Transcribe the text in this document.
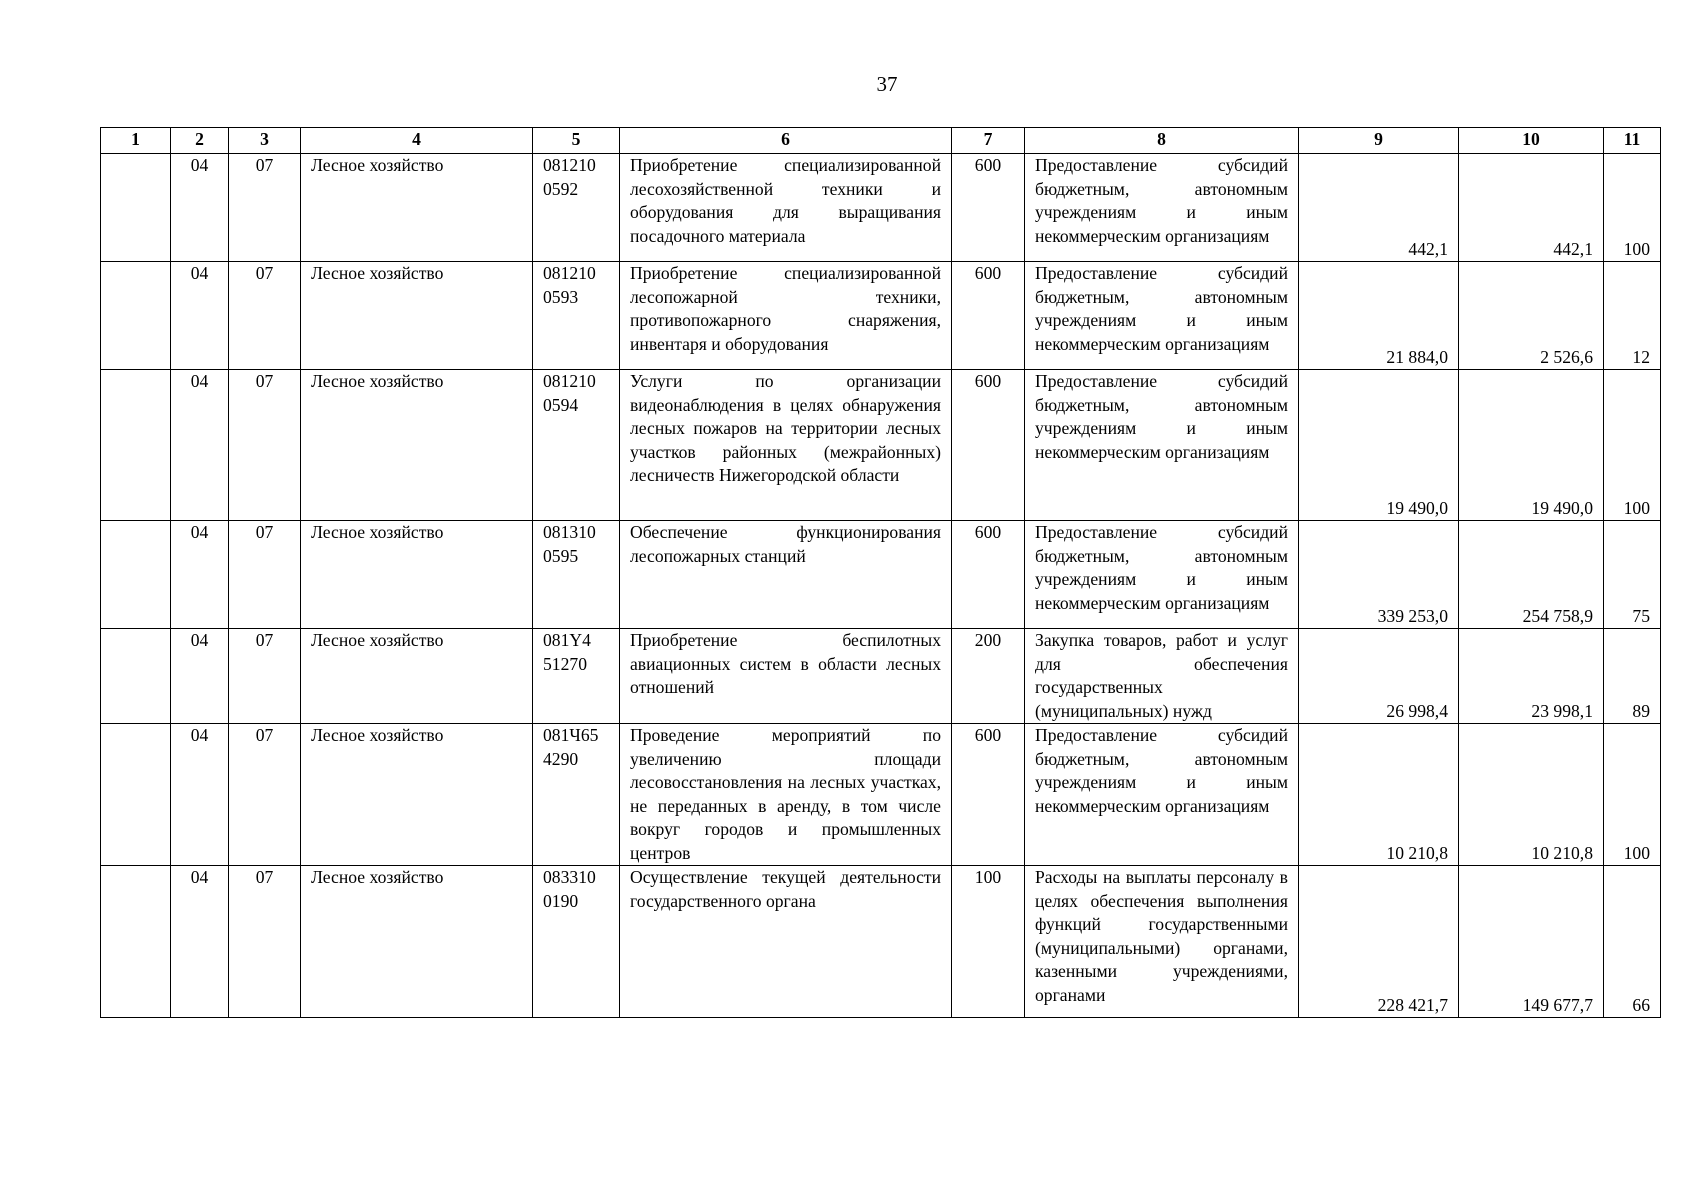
37
1	2	3	4	5	6	7	8	9	10	11
	04	07	Лесное хозяйство	081210 0592	Приобретение специализированной лесохозяйственной техники и оборудования для выращивания посадочного материала	600	Предоставление субсидий бюджетным, автономным учреждениям и иным некоммерческим организациям	442,1	442,1	100
	04	07	Лесное хозяйство	081210 0593	Приобретение специализированной лесопожарной техники, противопожарного снаряжения, инвентаря и оборудования	600	Предоставление субсидий бюджетным, автономным учреждениям и иным некоммерческим организациям	21 884,0	2 526,6	12
	04	07	Лесное хозяйство	081210 0594	Услуги по организации видеонаблюдения в целях обнаружения лесных пожаров на территории лесных участков районных (межрайонных) лесничеств Нижегородской области	600	Предоставление субсидий бюджетным, автономным учреждениям и иным некоммерческим организациям	19 490,0	19 490,0	100
	04	07	Лесное хозяйство	081310 0595	Обеспечение функционирования лесопожарных станций	600	Предоставление субсидий бюджетным, автономным учреждениям и иным некоммерческим организациям	339 253,0	254 758,9	75
	04	07	Лесное хозяйство	081Y4 51270	Приобретение беспилотных авиационных систем в области лесных отношений	200	Закупка товаров, работ и услуг для обеспечения государственных (муниципальных) нужд	26 998,4	23 998,1	89
	04	07	Лесное хозяйство	081Ч65 4290	Проведение мероприятий по увеличению площади лесовосстановления на лесных участках, не переданных в аренду, в том числе вокруг городов и промышленных центров	600	Предоставление субсидий бюджетным, автономным учреждениям и иным некоммерческим организациям	10 210,8	10 210,8	100
	04	07	Лесное хозяйство	083310 0190	Осуществление текущей деятельности государственного органа	100	Расходы на выплаты персоналу в целях обеспечения выполнения функций государственными (муниципальными) органами, казенными учреждениями, органами	228 421,7	149 677,7	66
